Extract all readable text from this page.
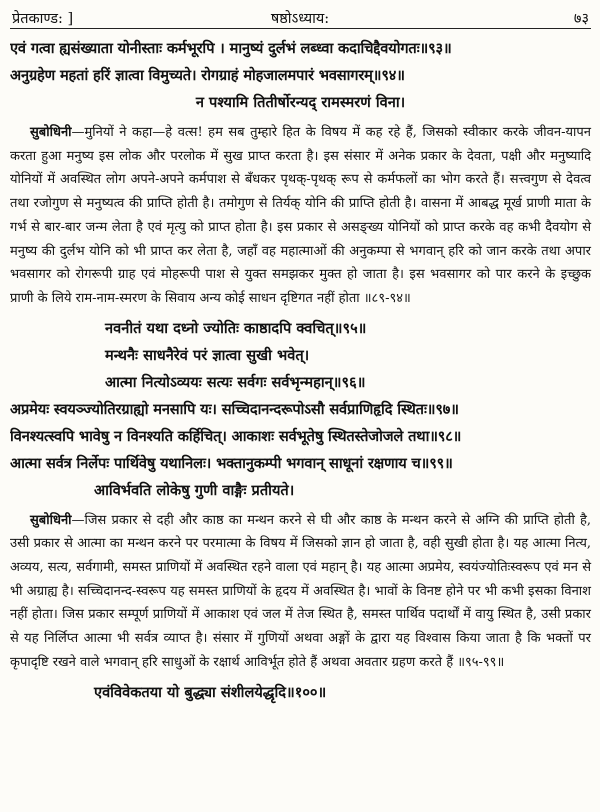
प्रेतकाण्ड: ]	७३
षष्ठोऽध्याय:
एवं गत्वा ह्यसंख्याता योनीस्ताः कर्मभूरपि । मानुष्यं दुर्लभं लब्ध्वा कदाचिद्दैवयोगतः॥९३॥
अनुग्रहेण महतां हरिं ज्ञात्वा विमुच्यते। रोगग्राहं मोहजालमपारं भवसागरम्॥९४॥
न पश्यामि तितीर्षोरन्यद् रामस्मरणं विना।
सुबोधिनी—मुनियों ने कहा—हे वत्स! हम सब तुम्हारे हित के विषय में कह रहे हैं, जिसको स्वीकार करके जीवन-यापन करता हुआ मनुष्य इस लोक और परलोक में सुख प्राप्त करता है। इस संसार में अनेक प्रकार के देवता, पक्षी और मनुष्यादि योनियों में अवस्थित लोग अपने-अपने कर्मपाश से बँधकर पृथक्-पृथक् रूप से कर्मफलों का भोग करते हैं। सत्त्वगुण से देवत्व तथा रजोगुण से मनुष्यत्व की प्राप्ति होती है। तमोगुण से तिर्यक् योनि की प्राप्ति होती है। वासना में आबद्ध मूर्ख प्राणी माता के गर्भ से बार-बार जन्म लेता है एवं मृत्यु को प्राप्त होता है। इस प्रकार से असङ्ख्य योनियों को प्राप्त करके वह कभी दैवयोग से मनुष्य की दुर्लभ योनि को भी प्राप्त कर लेता है, जहाँ वह महात्माओं की अनुकम्पा से भगवान् हरि को जान करके तथा अपार भवसागर को रोगरूपी ग्राह एवं मोहरूपी पाश से युक्त समझकर मुक्त हो जाता है। इस भवसागर को पार करने के इच्छुक प्राणी के लिये राम-नाम-स्मरण के सिवाय अन्य कोई साधन दृष्टिगत नहीं होता ॥८९-९४॥
नवनीतं यथा दध्नो ज्योतिः काष्ठादपि क्वचित्॥९५॥
मन्थनैः साधनैरेवं परं ज्ञात्वा सुखी भवेत्।
आत्मा नित्योऽव्ययः सत्यः सर्वगः सर्वभृन्महान्॥९६॥
अप्रमेयः स्वयञ्ज्योतिरग्राह्यो मनसापि यः। सच्चिदानन्दरूपोऽसौ सर्वप्राणिहृदि स्थितः॥९७॥
विनश्यत्स्वपि भावेषु न विनश्यति कर्हिचित्। आकाशः सर्वभूतेषु स्थितस्तेजोजले तथा॥९८॥
आत्मा सर्वत्र निर्लेपः पार्थिवेषु यथानिलः। भक्तानुकम्पी भगवान् साधूनां रक्षणाय च॥९९॥
आविर्भवति लोकेषु गुणी वाङ्गैः प्रतीयते।
सुबोधिनी—जिस प्रकार से दही और काष्ठ का मन्थन करने से घी और काष्ठ के मन्थन करने से अग्नि की प्राप्ति होती है, उसी प्रकार से आत्मा का मन्थन करने पर परमात्मा के विषय में जिसको ज्ञान हो जाता है, वही सुखी होता है। यह आत्मा नित्य, अव्यय, सत्य, सर्वगामी, समस्त प्राणियों में अवस्थित रहने वाला एवं महान् है। यह आत्मा अप्रमेय, स्वयंज्योतिःस्वरूप एवं मन से भी अग्राह्य है। सच्चिदानन्द-स्वरूप यह समस्त प्राणियों के हृदय में अवस्थित है। भावों के विनष्ट होने पर भी कभी इसका विनाश नहीं होता। जिस प्रकार सम्पूर्ण प्राणियों में आकाश एवं जल में तेज स्थित है, समस्त पार्थिव पदार्थों में वायु स्थित है, उसी प्रकार से यह निर्लिप्त आत्मा भी सर्वत्र व्याप्त है। संसार में गुणियों अथवा अङ्गों के द्वारा यह विश्वास किया जाता है कि भक्तों पर कृपादृष्टि रखने वाले भगवान् हरि साधुओं के रक्षार्थ आविर्भूत होते हैं अथवा अवतार ग्रहण करते हैं ॥९५-९९॥
एवंविवेकतया यो बुद्ध्या संशीलयेद्धृदि॥१००॥
